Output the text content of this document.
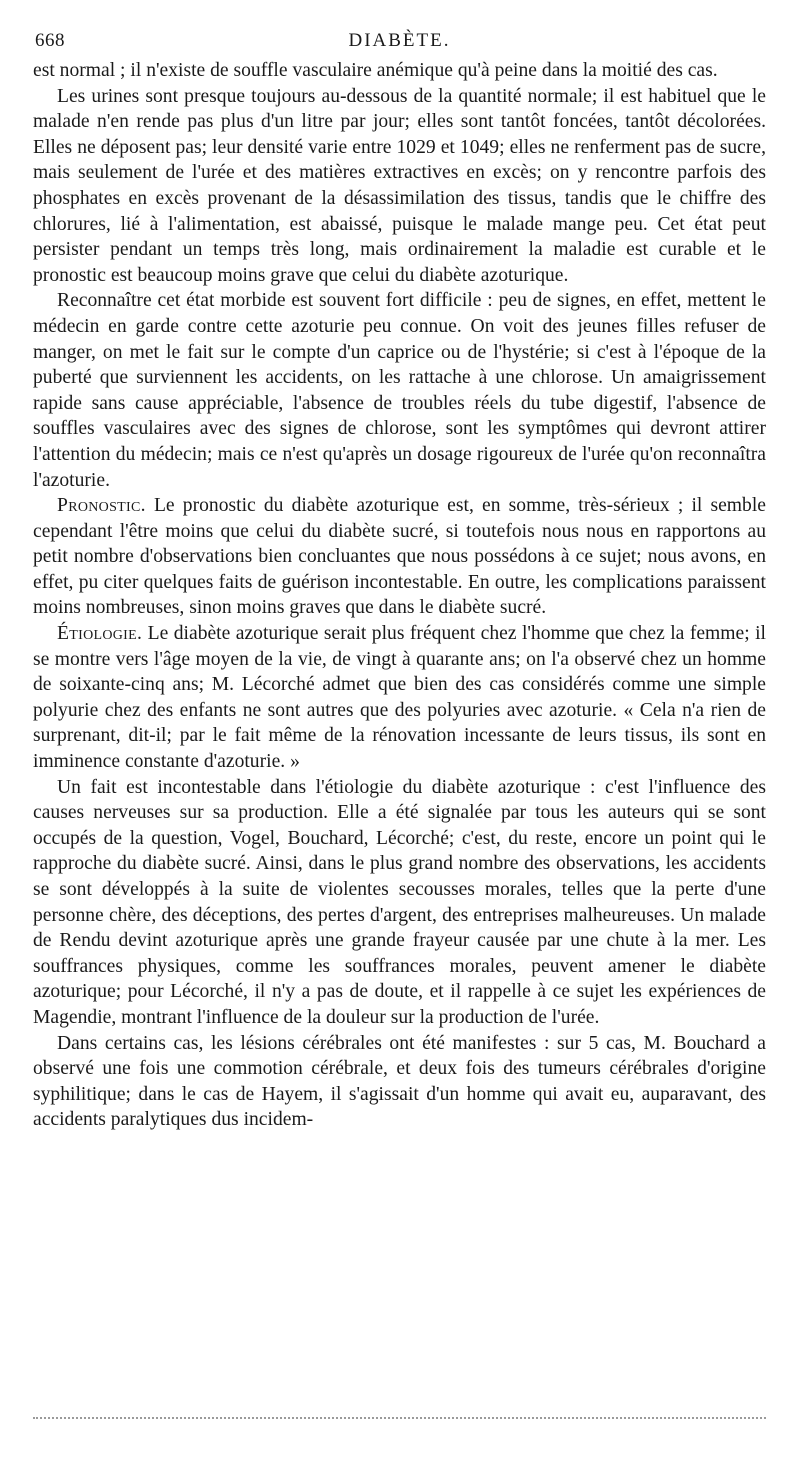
668	DIABÈTE.

est normal ; il n'existe de souffle vasculaire anémique qu'à peine dans la moitié des cas.

Les urines sont presque toujours au-dessous de la quantité normale; il est habituel que le malade n'en rende pas plus d'un litre par jour; elles sont tantôt foncées, tantôt décolorées. Elles ne déposent pas; leur densité varie entre 1029 et 1049; elles ne renferment pas de sucre, mais seulement de l'urée et des matières extractives en excès; on y rencontre parfois des phosphates en excès provenant de la désassimilation des tissus, tandis que le chiffre des chlorures, lié à l'alimentation, est abaissé, puisque le malade mange peu. Cet état peut persister pendant un temps très long, mais ordinairement la maladie est curable et le pronostic est beaucoup moins grave que celui du diabète azoturique.

Reconnaître cet état morbide est souvent fort difficile : peu de signes, en effet, mettent le médecin en garde contre cette azoturie peu connue. On voit des jeunes filles refuser de manger, on met le fait sur le compte d'un caprice ou de l'hystérie; si c'est à l'époque de la puberté que surviennent les accidents, on les rattache à une chlorose. Un amaigrissement rapide sans cause appréciable, l'absence de troubles réels du tube digestif, l'absence de souffles vasculaires avec des signes de chlorose, sont les symptômes qui devront attirer l'attention du médecin; mais ce n'est qu'après un dosage rigoureux de l'urée qu'on reconnaîtra l'azoturie.

Pronostic. Le pronostic du diabète azoturique est, en somme, très-sérieux ; il semble cependant l'être moins que celui du diabète sucré, si toutefois nous nous en rapportons au petit nombre d'observations bien concluantes que nous possédons à ce sujet; nous avons, en effet, pu citer quelques faits de guérison incontestable. En outre, les complications paraissent moins nombreuses, sinon moins graves que dans le diabète sucré.

Étiologie. Le diabète azoturique serait plus fréquent chez l'homme que chez la femme; il se montre vers l'âge moyen de la vie, de vingt à quarante ans; on l'a observé chez un homme de soixante-cinq ans; M. Lécorché admet que bien des cas considérés comme une simple polyurie chez des enfants ne sont autres que des polyuries avec azoturie. « Cela n'a rien de surprenant, dit-il; par le fait même de la rénovation incessante de leurs tissus, ils sont en imminence constante d'azoturie. »

Un fait est incontestable dans l'étiologie du diabète azoturique : c'est l'influence des causes nerveuses sur sa production. Elle a été signalée par tous les auteurs qui se sont occupés de la question, Vogel, Bouchard, Lécorché; c'est, du reste, encore un point qui le rapproche du diabète sucré. Ainsi, dans le plus grand nombre des observations, les accidents se sont développés à la suite de violentes secousses morales, telles que la perte d'une personne chère, des déceptions, des pertes d'argent, des entreprises malheureuses. Un malade de Rendu devint azoturique après une grande frayeur causée par une chute à la mer. Les souffrances physiques, comme les souffrances morales, peuvent amener le diabète azoturique; pour Lécorché, il n'y a pas de doute, et il rappelle à ce sujet les expériences de Magendie, montrant l'influence de la douleur sur la production de l'urée.

Dans certains cas, les lésions cérébrales ont été manifestes : sur 5 cas, M. Bouchard a observé une fois une commotion cérébrale, et deux fois des tumeurs cérébrales d'origine syphilitique; dans le cas de Hayem, il s'agissait d'un homme qui avait eu, auparavant, des accidents paralytiques dus incidem-
